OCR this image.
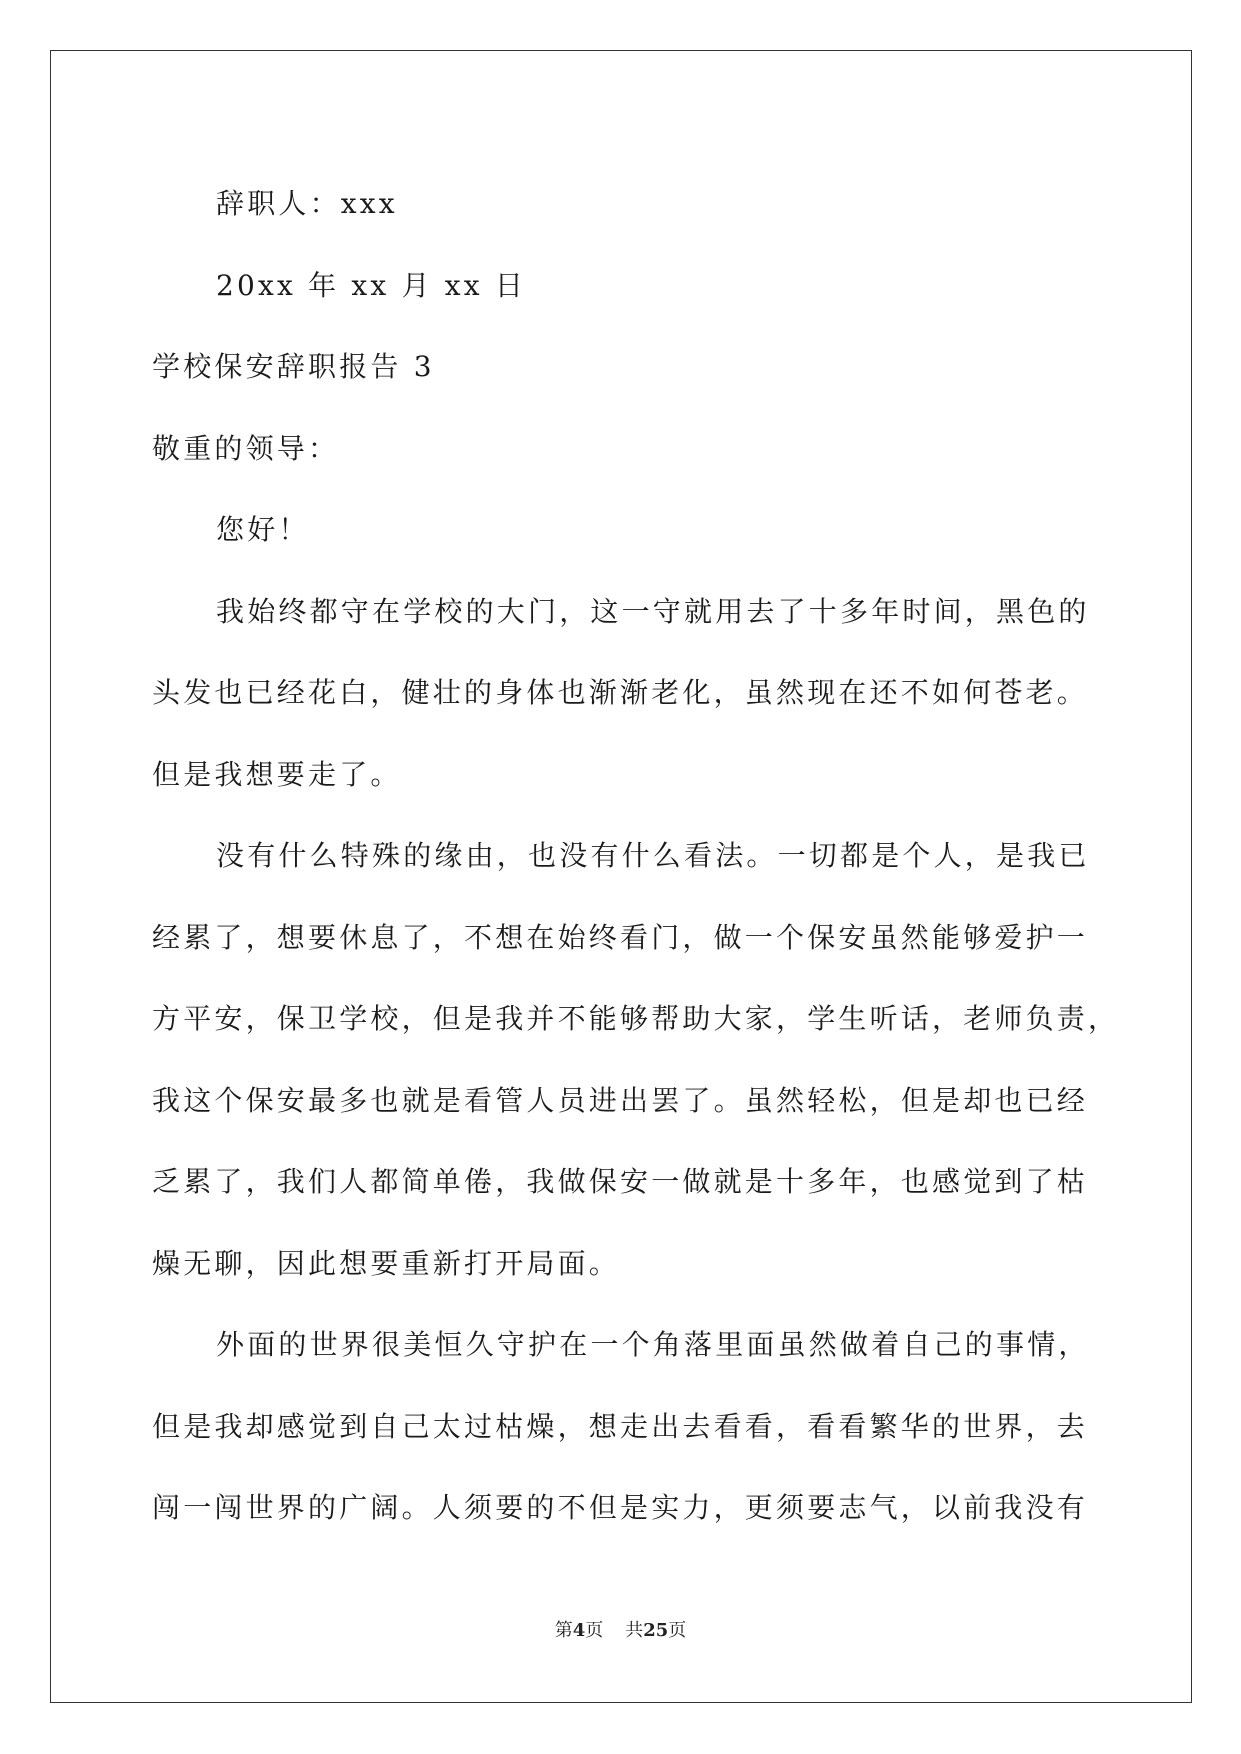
辞职人：xxx
20xx 年 xx 月 xx 日
学校保安辞职报告 3
敬重的领导：
您好！
我始终都守在学校的大门，这一守就用去了十多年时间，黑色的
头发也已经花白，健壮的身体也渐渐老化，虽然现在还不如何苍老。
但是我想要走了。
没有什么特殊的缘由，也没有什么看法。一切都是个人，是我已
经累了，想要休息了，不想在始终看门，做一个保安虽然能够爱护一
方平安，保卫学校，但是我并不能够帮助大家，学生听话，老师负责，
我这个保安最多也就是看管人员进出罢了。虽然轻松，但是却也已经
乏累了，我们人都简单倦，我做保安一做就是十多年，也感觉到了枯
燥无聊，因此想要重新打开局面。
外面的世界很美恒久守护在一个角落里面虽然做着自己的事情，
但是我却感觉到自己太过枯燥，想走出去看看，看看繁华的世界，去
闯一闯世界的广阔。人须要的不但是实力，更须要志气，以前我没有
第4页 共25页
